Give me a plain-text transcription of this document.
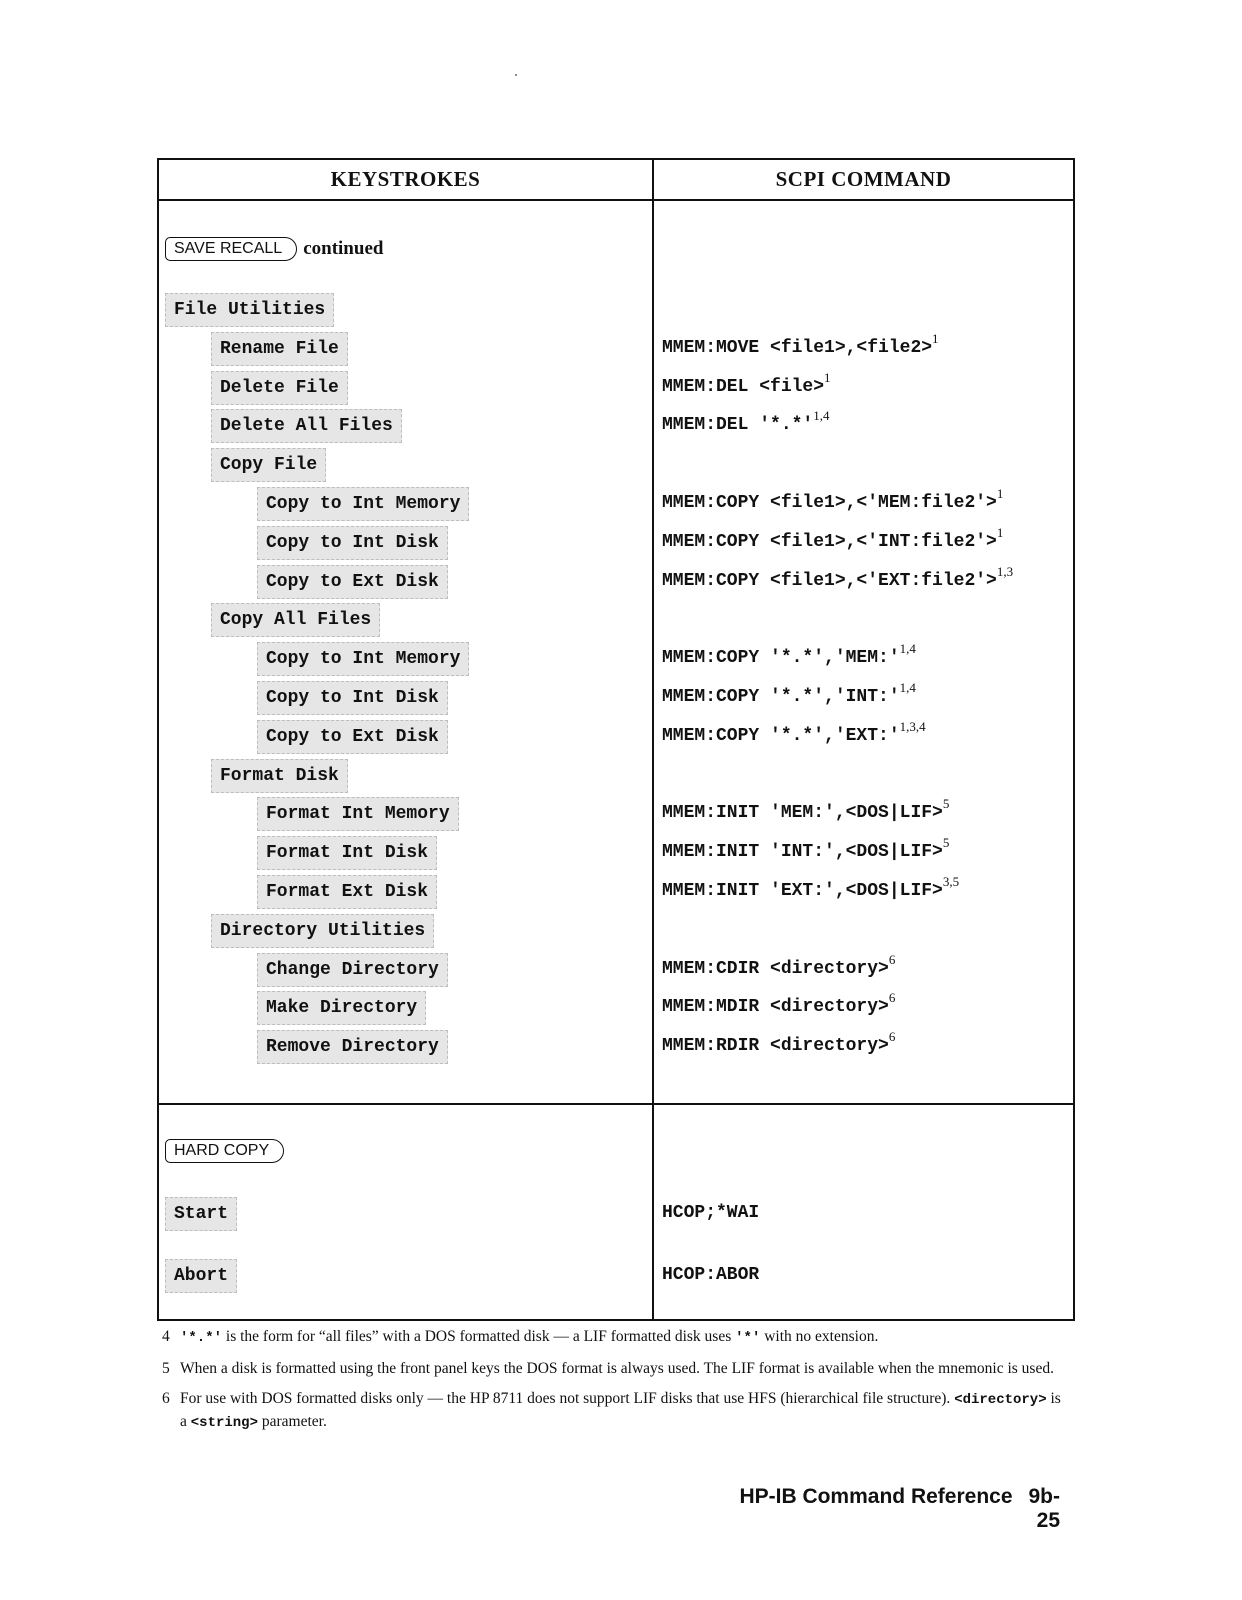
KEYSTROKES	SCPI COMMAND
SAVE RECALL	continued
File Utilities
Rename File	MMEM:MOVE <file1>,<file2>$^1$
Delete File	MMEM:DEL <file>$^1$
Delete All Files	MMEM:DEL '$*.*'^{1,4}$
Copy File
Copy to Int Memory	MMEM:COPY <file1>,<'MEM:file2'>$^1$
Copy to Int Disk	MMEM:COPY <file1>,<'INT:file2'>$^1$
Copy to Ext Disk	MMEM:COPY <file1>,<'EXT:file2'>$^{1,3}$
Copy All Files
Copy to Int Memory	MMEM:COPY '$*.*','MEM:'^{1,4}$
Copy to Int Disk	MMEM:COPY '$*.*','INT:'^{1,4}$
Copy to Ext Disk	MMEM:COPY '$*.*','EXT:'^{1,3,4}$
Format Disk
Format Int Memory	MMEM:INIT 'MEM:',<DOS|LIF>$^5$
Format Int Disk	MMEM:INIT 'INT:',<DOS|LIF>$^5$
Format Ext Disk	MMEM:INIT 'EXT:',<DOS|LIF>$^{3,5}$
Directory Utilities
Change Directory	MMEM:CDIR <directory>$^6$
Make Directory	MMEM:MDIR <directory>$^6$
Remove Directory	MMEM:RDIR <directory>$^6$
HARD COPY
Start	HCOP;*WAI
Abort	HCOP:ABOR
4 '*.*' is the form for “all files” with a DOS formatted disk — a LIF formatted disk uses '*' with no extension.
5 When a disk is formatted using the front panel keys the DOS format is always used. The LIF format is available when the mnemonic is used.
6 For use with DOS formatted disks only — the HP 8711 does not support LIF disks that use HFS (hierarchical file structure). <directory> is a <string> parameter.
HP-IB Command Reference 9b-25
